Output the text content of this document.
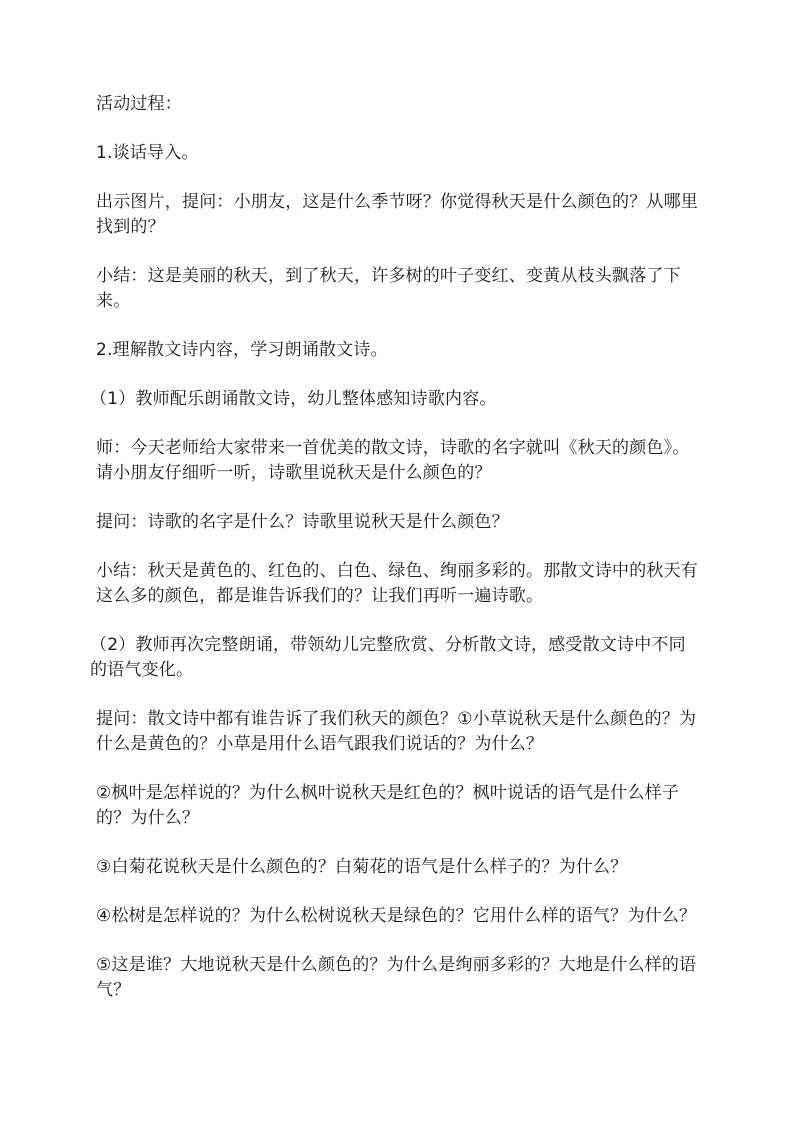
活动过程：

1.谈话导入。

出示图片，提问：小朋友，这是什么季节呀？你觉得秋天是什么颜色的？从哪里找到的？

小结：这是美丽的秋天，到了秋天，许多树的叶子变红、变黄从枝头飘落了下来。

2.理解散文诗内容，学习朗诵散文诗。

（1）教师配乐朗诵散文诗，幼儿整体感知诗歌内容。

师：今天老师给大家带来一首优美的散文诗，诗歌的名字就叫《秋天的颜色》。请小朋友仔细听一听，诗歌里说秋天是什么颜色的？

提问：诗歌的名字是什么？诗歌里说秋天是什么颜色？

小结：秋天是黄色的、红色的、白色、绿色、绚丽多彩的。那散文诗中的秋天有这么多的颜色，都是谁告诉我们的？让我们再听一遍诗歌。

（2）教师再次完整朗诵，带领幼儿完整欣赏、分析散文诗，感受散文诗中不同的语气变化。

提问：散文诗中都有谁告诉了我们秋天的颜色？①小草说秋天是什么颜色的？为什么是黄色的？小草是用什么语气跟我们说话的？为什么？

②枫叶是怎样说的？为什么枫叶说秋天是红色的？枫叶说话的语气是什么样子的？为什么？

③白菊花说秋天是什么颜色的？白菊花的语气是什么样子的？为什么？

④松树是怎样说的？为什么松树说秋天是绿色的？它用什么样的语气？为什么？

⑤这是谁？大地说秋天是什么颜色的？为什么是绚丽多彩的？大地是什么样的语气？
